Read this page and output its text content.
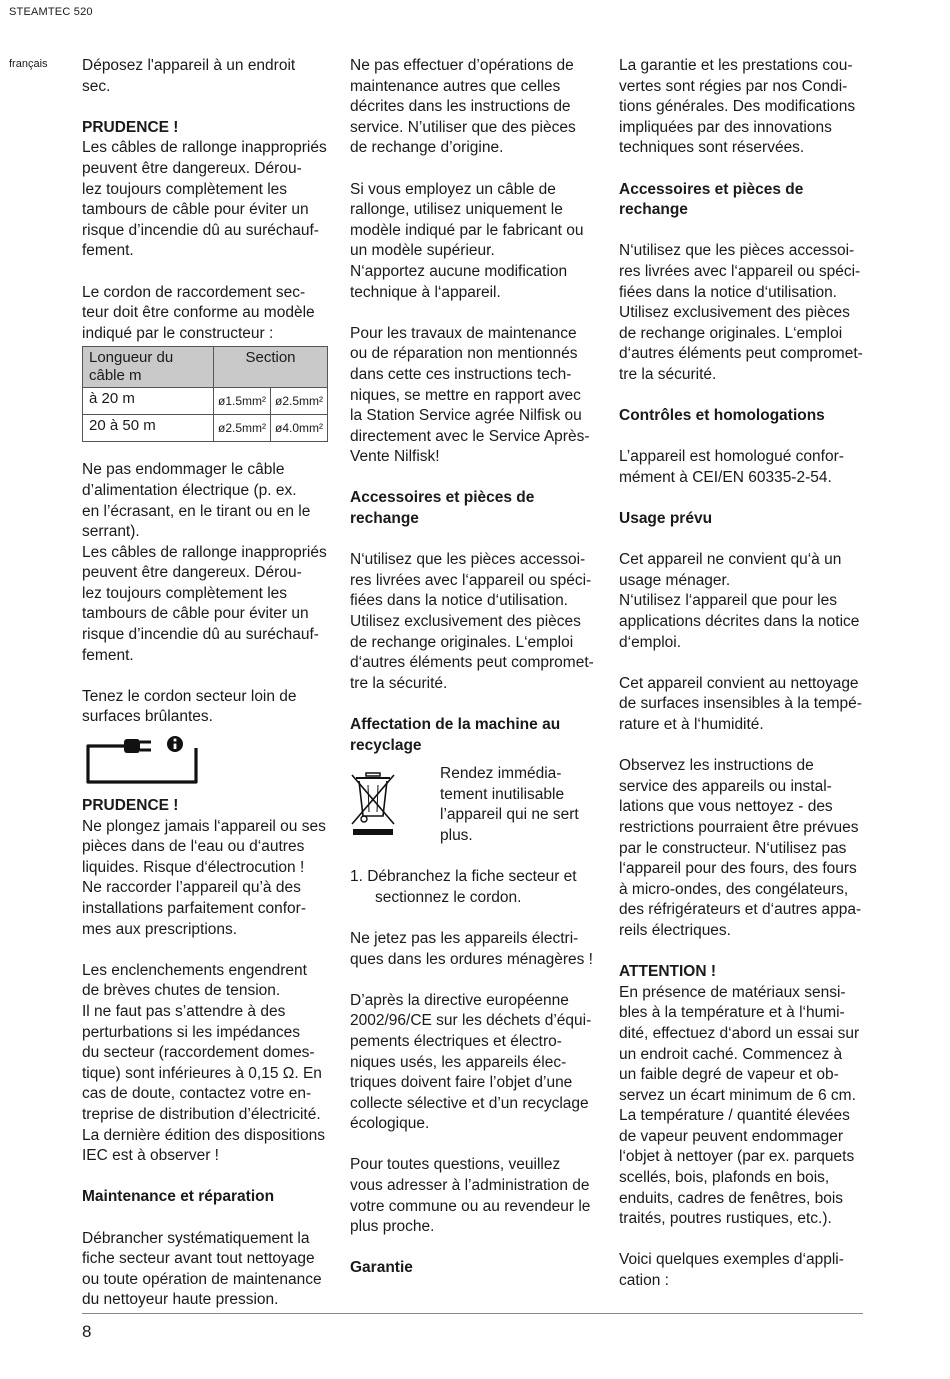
STEAMTEC 520
français Déposez l'appareil à un endroit
sec.

PRUDENCE !

Les câbles de rallonge inappropriés
peuvent être dangereux. Dérou-
lez toujours complètement les
tambours de câble pour éviter un
risque d’incendie dû au suréchauf-
fement.

Le cordon de raccordement sec-
teur doit être conforme au modèle
indiqué par le constructeur :

Longueur du câble m	Section	
à 20 m	ø1.5mm²	ø2.5mm²
20 à 50 m	ø2.5mm²	ø4.0mm²

Ne pas endommager le câble
d’alimentation électrique (p. ex.
en l’écrasant, en le tirant ou en le
serrant).
Les câbles de rallonge inappropriés
peuvent être dangereux. Dérou-
lez toujours complètement les
tambours de câble pour éviter un
risque d’incendie dû au suréchauf-
fement.

Tenez le cordon secteur loin de
surfaces brûlantes.

PRUDENCE !

Ne plongez jamais l‘appareil ou ses
pièces dans de l‘eau ou d‘autres
liquides. Risque d‘électrocution !
Ne raccorder l’appareil qu’à des
installations parfaitement confor-
mes aux prescriptions.

Les enclenchements engendrent
de brèves chutes de tension.
Il ne faut pas s’attendre à des
perturbations si les impédances
du secteur (raccordement domes-
tique) sont inférieures à 0,15 Ω. En
cas de doute, contactez votre en-
treprise de distribution d’électricité.
La dernière édition des dispositions
IEC est à observer !

Maintenance et réparation

Débrancher systématiquement la
fiche secteur avant tout nettoyage
ou toute opération de maintenance
du nettoyeur haute pression.

Ne pas effectuer d’opérations de
maintenance autres que celles
décrites dans les instructions de
service. N’utiliser que des pièces
de rechange d’origine.

Si vous employez un câble de
rallonge, utilisez uniquement le
modèle indiqué par le fabricant ou
un modèle supérieur.
N‘apportez aucune modification
technique à l‘appareil.

Pour les travaux de maintenance
ou de réparation non mentionnés
dans cette ces instructions tech-
niques, se mettre en rapport avec
la Station Service agrée Nilfisk ou
directement avec le Service Après-
Vente Nilfisk!

Accessoires et pièces de
rechange

N‘utilisez que les pièces accessoi-
res livrées avec l‘appareil ou spéci-
fiées dans la notice d‘utilisation.
Utilisez exclusivement des pièces
de rechange originales. L‘emploi
d‘autres éléments peut compromet-
tre la sécurité.

Affectation de la machine au
recyclage

Rendez immédia-
tement inutilisable
l’appareil qui ne sert
plus.

1. Débranchez la fiche secteur et
sectionnez le cordon.

Ne jetez pas les appareils électri-
ques dans les ordures ménagères !

D’après la directive européenne
2002/96/CE sur les déchets d’équi-
pements électriques et électro-
niques usés, les appareils élec-
triques doivent faire l’objet d’une
collecte sélective et d’un recyclage
écologique.

Pour toutes questions, veuillez
vous adresser à l’administration de
votre commune ou au revendeur le
plus proche.

Garantie

La garantie et les prestations cou-
vertes sont régies par nos Condi-
tions générales. Des modifications
impliquées par des innovations
techniques sont réservées.

Accessoires et pièces de
rechange

N‘utilisez que les pièces accessoi-
res livrées avec l‘appareil ou spéci-
fiées dans la notice d‘utilisation.
Utilisez exclusivement des pièces
de rechange originales. L‘emploi
d‘autres éléments peut compromet-
tre la sécurité.

Contrôles et homologations

L’appareil est homologué confor-
mément à CEI/EN 60335-2-54.

Usage prévu

Cet appareil ne convient qu‘à un
usage ménager.
N‘utilisez l‘appareil que pour les
applications décrites dans la notice
d‘emploi.

Cet appareil convient au nettoyage
de surfaces insensibles à la tempé-
rature et à l‘humidité.

Observez les instructions de
service des appareils ou instal-
lations que vous nettoyez - des
restrictions pourraient être prévues
par le constructeur. N‘utilisez pas
l‘appareil pour des fours, des fours
à micro-ondes, des congélateurs,
des réfrigérateurs et d‘autres appa-
reils électriques.

ATTENTION !

En présence de matériaux sensi-
bles à la température et à l‘humi-
dité, effectuez d‘abord un essai sur
un endroit caché. Commencez à
un faible degré de vapeur et ob-
servez un écart minimum de 6 cm.
La température / quantité élevées
de vapeur peuvent endommager
l‘objet à nettoyer (par ex. parquets
scellés, bois, plafonds en bois,
enduits, cadres de fenêtres, bois
traités, poutres rustiques, etc.).

Voici quelques exemples d‘appli-
cation :

8
